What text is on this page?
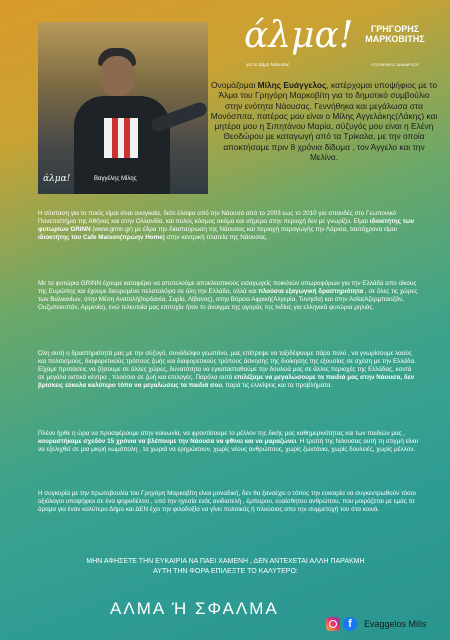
άλμα!	Βαγγέλης Μίλης
άλμα!
για το Δήμο Νάουσας
ΓΡΗΓΟΡΗΣ ΜΑΡΚΟΒΙΤΗΣ
ΥΠΟΨΗΦΙΟΣ ΔΗΜΑΡΧΟΣ

Ονομάζομαι Μίλης Ευάγγελος, κατέρχομαι υποψήφιος με το Άλμα του Γρηγόρη Μαρκοβίτη για το δημοτικό συμβούλιο στην ενότητα Νάουσας. Γεννήθηκα και μεγάλωσα στα Μονόσπιτα, πατέρας μου είναι ο Μίλης Αγγελάκης(Λάκης) και μητέρα μου η Σιπητάνου Μαρία, σύζυγός μου είναι η Ελένη Θεοδώρου με καταγωγή από τα Τρίκαλα, με την οποία αποκτήσαμε πριν 8 χρόνια δίδυμα , τον Άγγελο και την Μελίνα.

Η σύσταση για το ποιός είμαι είναι αναγκαία, διότι έλειψα από την Νάουσα από το 2003 εως το 2010 για σπουδές στο Γεωπονικό Πανεπιστήμιο της Αθήνας και στην Ολλανδία, και πολύς κόσμος ακόμα και σήμερα στην περιοχή δεν με γνωρίζει. Είμαι ιδιοκτήτης των φυτωρίων GRINN (www.grinn.gr) με έδρα την διασταύρωση της Νάουσας και περιοχή παραγωγής την Λάρισα, ταυτόχρονα είμαι ιδιοκτήτης του Cafe Maison(πρώην Home) στην κεντρική πλατεία της Νάουσας.

Με τα φυτώρια GRINN έχουμε καταφέρει να αποτελούμε αποκλειστικούς εισαγωγείς ποικιλιών οπωροφόρων για την Ελλάδα απο οίκους της Ευρώπης και έχουμε διευρυμένο πελατολόγιο σε όλη την Ελλάδα, αλλά και πλούσια εξαγωγική δραστηριότητα , σε όλες τις χώρες των Βαλκανίων, στην Μέση Ανατολή(Ιορδανία, Συρία, Λίβανος), στην Βόρεια Αφρική(Αλγερία, Τυνησία) και στην Ασία(Αζερμπαιτζάν, Ουζμπεκιστάν, Αρμενία), ενώ τελευταία μας επιτυχία ήταν το άνοιγμα της αγοράς της Ινδίας για ελληνικά φυτώρια μηλιάς.

Όλη αυτή η δραστηριότητά μας με την σύζυγό, συνάδελφο γεωπόνο, μας επέτρεψε να ταξιδέψουμε πάρα πολύ , να γνωρίσουμε λαούς και πολιτισμούς, διαφορετικούς τρόπους ζωής και διαφορετικούς τρόπους άσκησης της διοίκησης της εξουσίας σε σχέση με την Ελλάδα. Είχαμε προτάσεις να ζήσουμε σε άλλες χώρες, δυνατότητα να εγκατασταθούμε την δουλειά μας σε άλλες περιοχές της Ελλάδας, κοντά σε μεγάλα αστικά κέντρα , πλούσια σε ζωή και επιλογές. Παρόλα αυτά επιλέξαμε να μεγαλώσουμε τα παιδιά μας στην Νάουσα, δεν βρίσκεις εύκολα καλύτερο τόπο να μεγαλώσεις τα παιδιά σου, παρά τις ελλείψεις και τα προβλήματα.

Πλέον ήρθε η ώρα να προσφέρουμε στην κοινωνία, να φροντίσουμε το μέλλον της δικής μας καθημερινότητας και των παιδιών μας , κουραστήκαμε σχεδόν 15 χρόνια να βλέπουμε την Νάουσα να φθίνει και να μαραζώνει. Η τροπή της Νάουσας αυτή τη στιγμή είναι να εξελιχθεί σε μια μικρή κωμόπολη , τα χωριά να ερημώσουν, χωρίς νέους ανθρώπους, χωρίς ζωντάνια, χωρίς δουλειές, χωρίς μέλλον.

Η συγκυρία με την πρωτοβουλία του Γρηγόρη Μαρκοβίτη είναι μοναδική, δεν θα ξαναέχει ο τόπος την ευκαιρία να συγκεντρωθούν τόσοι αξιόλογοι υποψήφιοι σε ένα ψηφοδέλτιο , υπό την ηγεσία ενός ανιδιοτελή , έμπειρου, ευαίσθητου ανθρώπου, που μοιράζεται με εμάς το όραμα για έναν καλύτερο Δήμο και ΔΕΝ έχει την φιλοδοξία να γίνει πολιτικός ή πλούσιος απο την συμμετοχή του στα κοινά.

ΜΗΝ ΑΦΗΣΕΤΕ ΤΗΝ ΕΥΚΑΙΡΙΑ ΝΑ ΠΑΕΙ ΧΑΜΕΝΗ , ΔΕΝ ΑΝΤΕΧΕΤΑΙ ΑΛΛΗ ΠΑΡΑΚΜΗ
ΑΥΤΗ ΤΗΝ ΦΟΡΑ ΕΠΙΛΕΞΤΕ ΤΟ ΚΑΛΥΤΕΡΟ:

ΑΛΜΑ Ή ΣΦΑΛΜΑ
f	Evaggelos Milis
